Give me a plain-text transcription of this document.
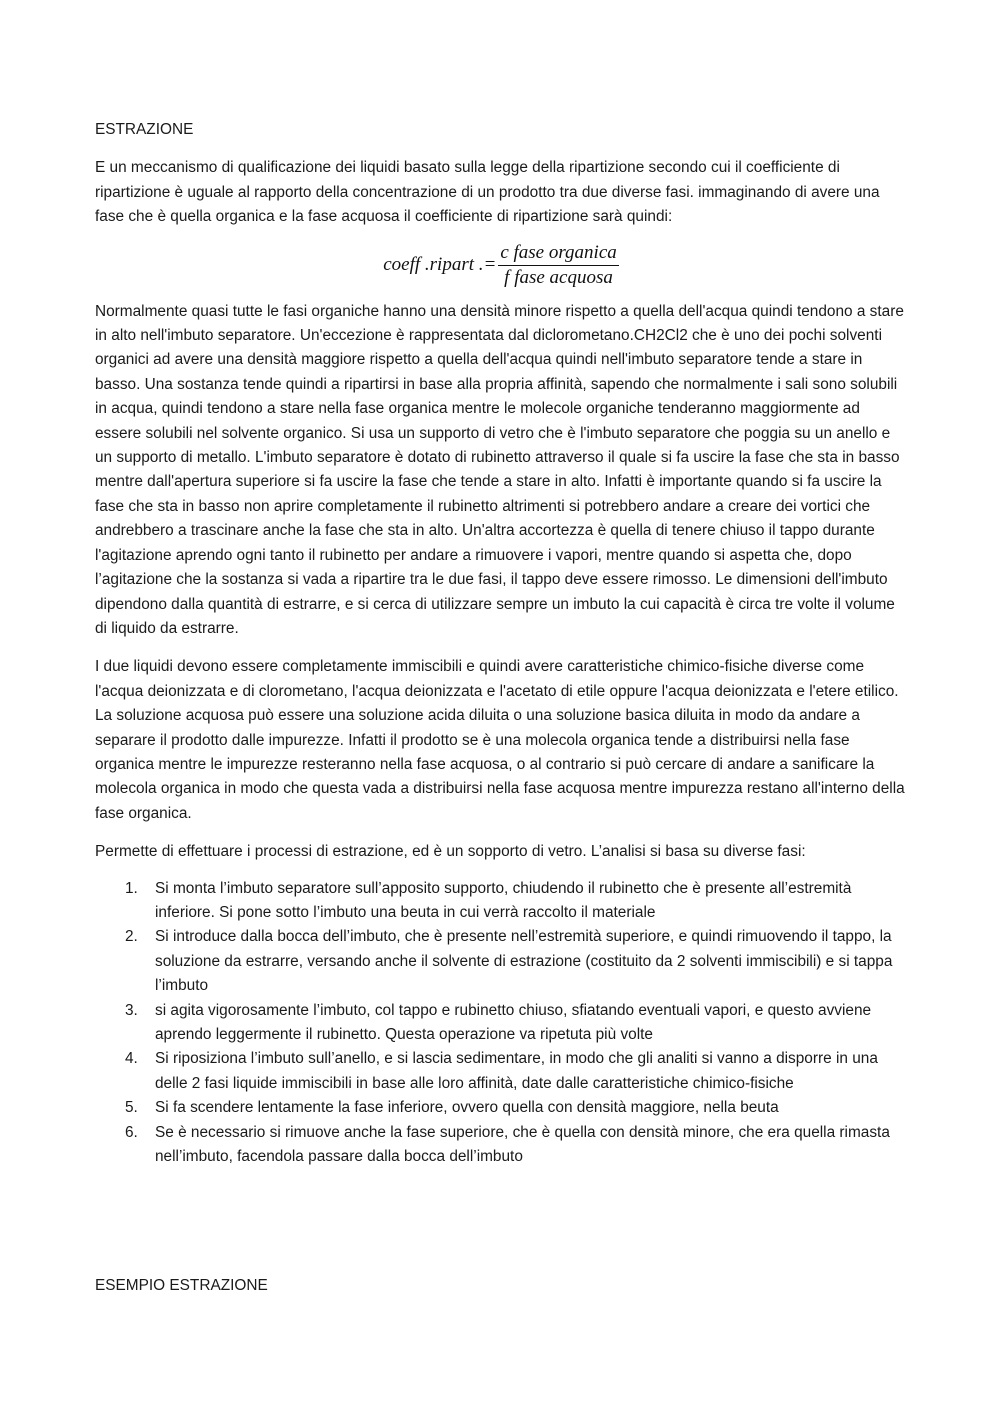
ESTRAZIONE

E un meccanismo di qualificazione dei liquidi basato sulla legge della ripartizione secondo cui il coefficiente di ripartizione è uguale al rapporto della concentrazione di un prodotto tra due diverse fasi. immaginando di avere una fase che è quella organica e la fase acquosa il coefficiente di ripartizione sarà quindi:

coeff .ripart .= $\frac{\text{c fase organica}}{\text{f fase acquosa}}$

Normalmente quasi tutte le fasi organiche hanno una densità minore rispetto a quella dell'acqua quindi tendono a stare in alto nell'imbuto separatore. Un'eccezione è rappresentata dal diclorometano.CH2Cl2 che è uno dei pochi solventi organici ad avere una densità maggiore rispetto a quella dell'acqua quindi nell'imbuto separatore tende a stare in basso. Una sostanza tende quindi a ripartirsi in base alla propria affinità, sapendo che normalmente i sali sono solubili in acqua, quindi tendono a stare nella fase organica mentre le molecole organiche tenderanno maggiormente ad essere solubili nel solvente organico. Si usa un supporto di vetro che è l'imbuto separatore che poggia su un anello e un supporto di metallo. L'imbuto separatore è dotato di rubinetto attraverso il quale si fa uscire la fase che sta in basso mentre dall'apertura superiore si fa uscire la fase che tende a stare in alto. Infatti è importante quando si fa uscire la fase che sta in basso non aprire completamente il rubinetto altrimenti si potrebbero andare a creare dei vortici che andrebbero a trascinare anche la fase che sta in alto. Un'altra accortezza è quella di tenere chiuso il tappo durante l'agitazione aprendo ogni tanto il rubinetto per andare a rimuovere i vapori, mentre quando si aspetta che, dopo l’agitazione che la sostanza si vada a ripartire tra le due fasi, il tappo deve essere rimosso. Le dimensioni dell'imbuto dipendono dalla quantità di estrarre, e si cerca di utilizzare sempre un imbuto la cui capacità è circa tre volte il volume di liquido da estrarre.

I due liquidi devono essere completamente immiscibili e quindi avere caratteristiche chimico-fisiche diverse come l'acqua deionizzata e di clorometano, l'acqua deionizzata e l'acetato di etile oppure l'acqua deionizzata e l'etere etilico. La soluzione acquosa può essere una soluzione acida diluita o una soluzione basica diluita in modo da andare a separare il prodotto dalle impurezze. Infatti il prodotto se è una molecola organica tende a distribuirsi nella fase organica mentre le impurezze resteranno nella fase acquosa, o al contrario si può cercare di andare a sanificare la molecola organica in modo che questa vada a distribuirsi nella fase acquosa mentre impurezza restano all'interno della fase organica.

Permette di effettuare i processi di estrazione, ed è un sopporto di vetro. L’analisi si basa su diverse fasi:

1. Si monta l’imbuto separatore sull’apposito supporto, chiudendo il rubinetto che è presente all’estremità inferiore. Si pone sotto l’imbuto una beuta in cui verrà raccolto il materiale
2. Si introduce dalla bocca dell’imbuto, che è presente nell’estremità superiore, e quindi rimuovendo il tappo, la soluzione da estrarre, versando anche il solvente di estrazione (costituito da 2 solventi immiscibili) e si tappa l’imbuto
3. si agita vigorosamente l’imbuto, col tappo e rubinetto chiuso, sfiatando eventuali vapori, e questo avviene aprendo leggermente il rubinetto. Questa operazione va ripetuta più volte
4. Si riposiziona l’imbuto sull’anello, e si lascia sedimentare, in modo che gli analiti si vanno a disporre in una delle 2 fasi liquide immiscibili in base alle loro affinità, date dalle caratteristiche chimico-fisiche
5. Si fa scendere lentamente la fase inferiore, ovvero quella con densità maggiore, nella beuta
6. Se è necessario si rimuove anche la fase superiore, che è quella con densità minore, che era quella rimasta nell’imbuto, facendola passare dalla bocca dell’imbuto
ESEMPIO ESTRAZIONE
